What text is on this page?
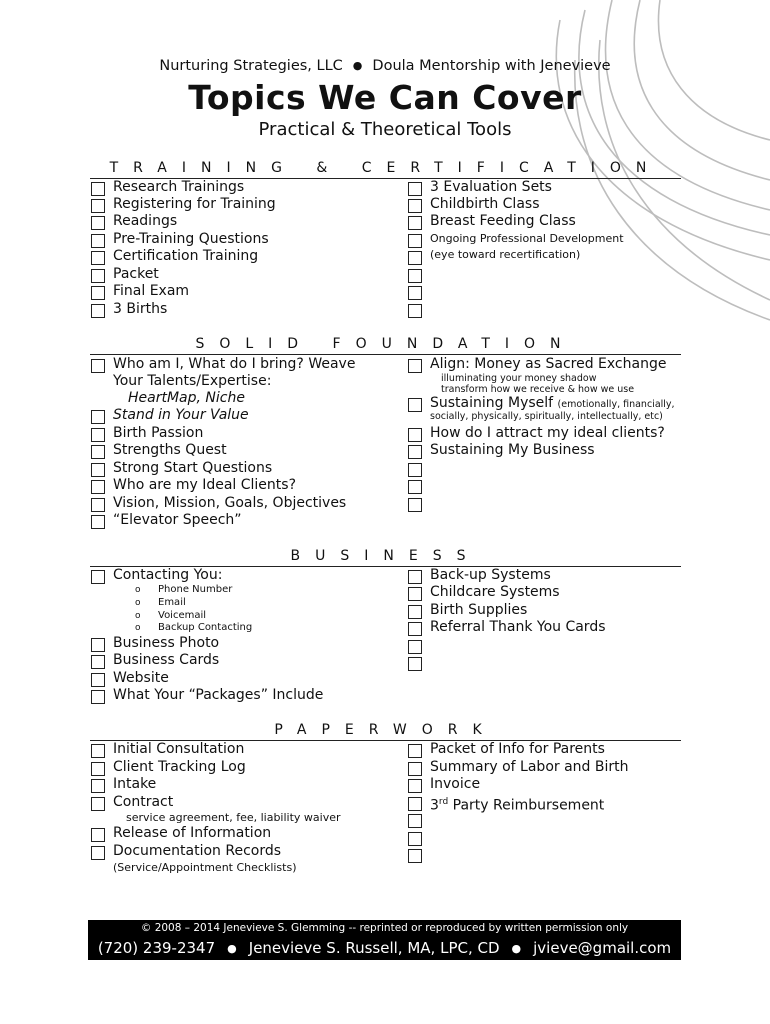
Nurturing Strategies, LLC ● Doula Mentorship with Jenevieve
Topics We Can Cover
Practical & Theoretical Tools
TRAINING & CERTIFICATION
Research Trainings
Registering for Training
Readings
Pre-Training Questions
Certification Training
Packet
Final Exam
3 Births
3 Evaluation Sets
Childbirth Class
Breast Feeding Class
Ongoing Professional Development
(eye toward recertification)
SOLID FOUNDATION
Who am I, What do I bring? Weave
Your Talents/Expertise:
HeartMap, Niche
Stand in Your Value
Birth Passion
Strengths Quest
Strong Start Questions
Who are my Ideal Clients?
Vision, Mission, Goals, Objectives
“Elevator Speech”
Align: Money as Sacred Exchange
illuminating your money shadow
transform how we receive & how we use
Sustaining Myself (emotionally, financially,
socially, physically, spiritually, intellectually, etc)
How do I attract my ideal clients?
Sustaining My Business
BUSINESS
Contacting You:
o Phone Number
o Email
o Voicemail
o Backup Contacting
Business Photo
Business Cards
Website
What Your “Packages” Include
Back-up Systems
Childcare Systems
Birth Supplies
Referral Thank You Cards
PAPERWORK
Initial Consultation
Client Tracking Log
Intake
Contract
service agreement, fee, liability waiver
Release of Information
Documentation Records
(Service/Appointment Checklists)
Packet of Info for Parents
Summary of Labor and Birth
Invoice
3rd Party Reimbursement
© 2008 – 2014 Jenevieve S. Glemming -- reprinted or reproduced by written permission only
(720) 239-2347 ● Jenevieve S. Russell, MA, LPC, CD ● jvieve@gmail.com
